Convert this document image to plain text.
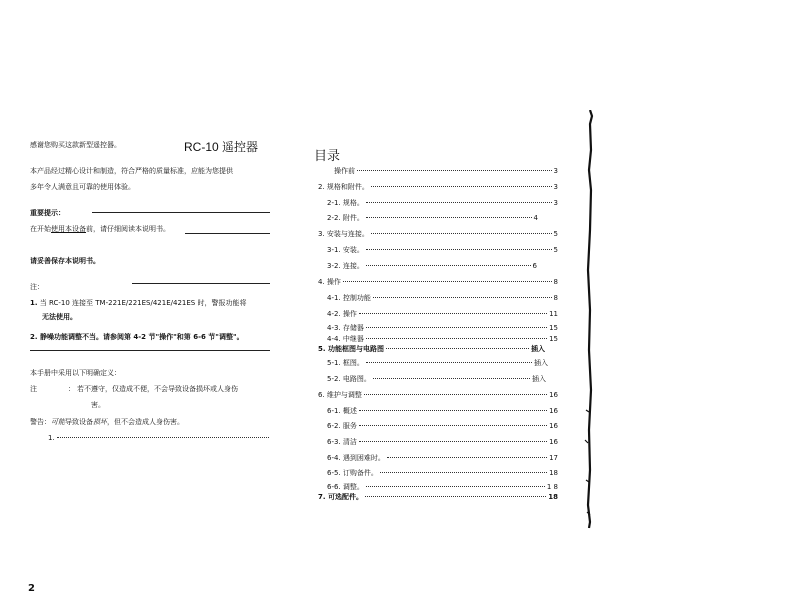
感谢您购买这款新型遥控器。	RC-10 遥控器
本产品经过精心设计和制造，符合严格的质量标准，应能为您提供
多年令人满意且可靠的使用体验。
重要提示：
在开始使用本设备前，请仔细阅读本说明书。
请妥善保存本说明书。
注：
1. 当 RC-10 连接至 TM-221E/221ES/421E/421ES 时，警报功能将
无法使用。
2. 静噪功能调整不当。请参阅第 4-2 节"操作"和第 6-6 节"调整"。
本手册中采用以下明确定义：
注	： 若不遵守，仅造成不便，不会导致设备损坏或人身伤
害。
警告：可能导致设备损坏，但不会造成人身伤害。
1.
2
目录
操作前	3
2. 规格和附件。	3
2-1. 规格。	3
2-2. 附件。	4
3. 安装与连接。	5
3-1. 安装。	5
3-2. 连接。	6
4. 操作	8
4-1. 控制功能	8
4-2. 操作	11
4-3. 存储器	15
4-4. 中继器	15
5. 功能框图与电路图	插入
5-1. 框图。	插入
5-2. 电路图。	插入
6. 维护与调整	16
6-1. 概述	16
6-2. 服务	16
6-3. 清洁	16
6-4. 遇到困难时。	17
6-5. 订购备件。	18
6-6. 调整。	1 8
7. 可选配件。	18
